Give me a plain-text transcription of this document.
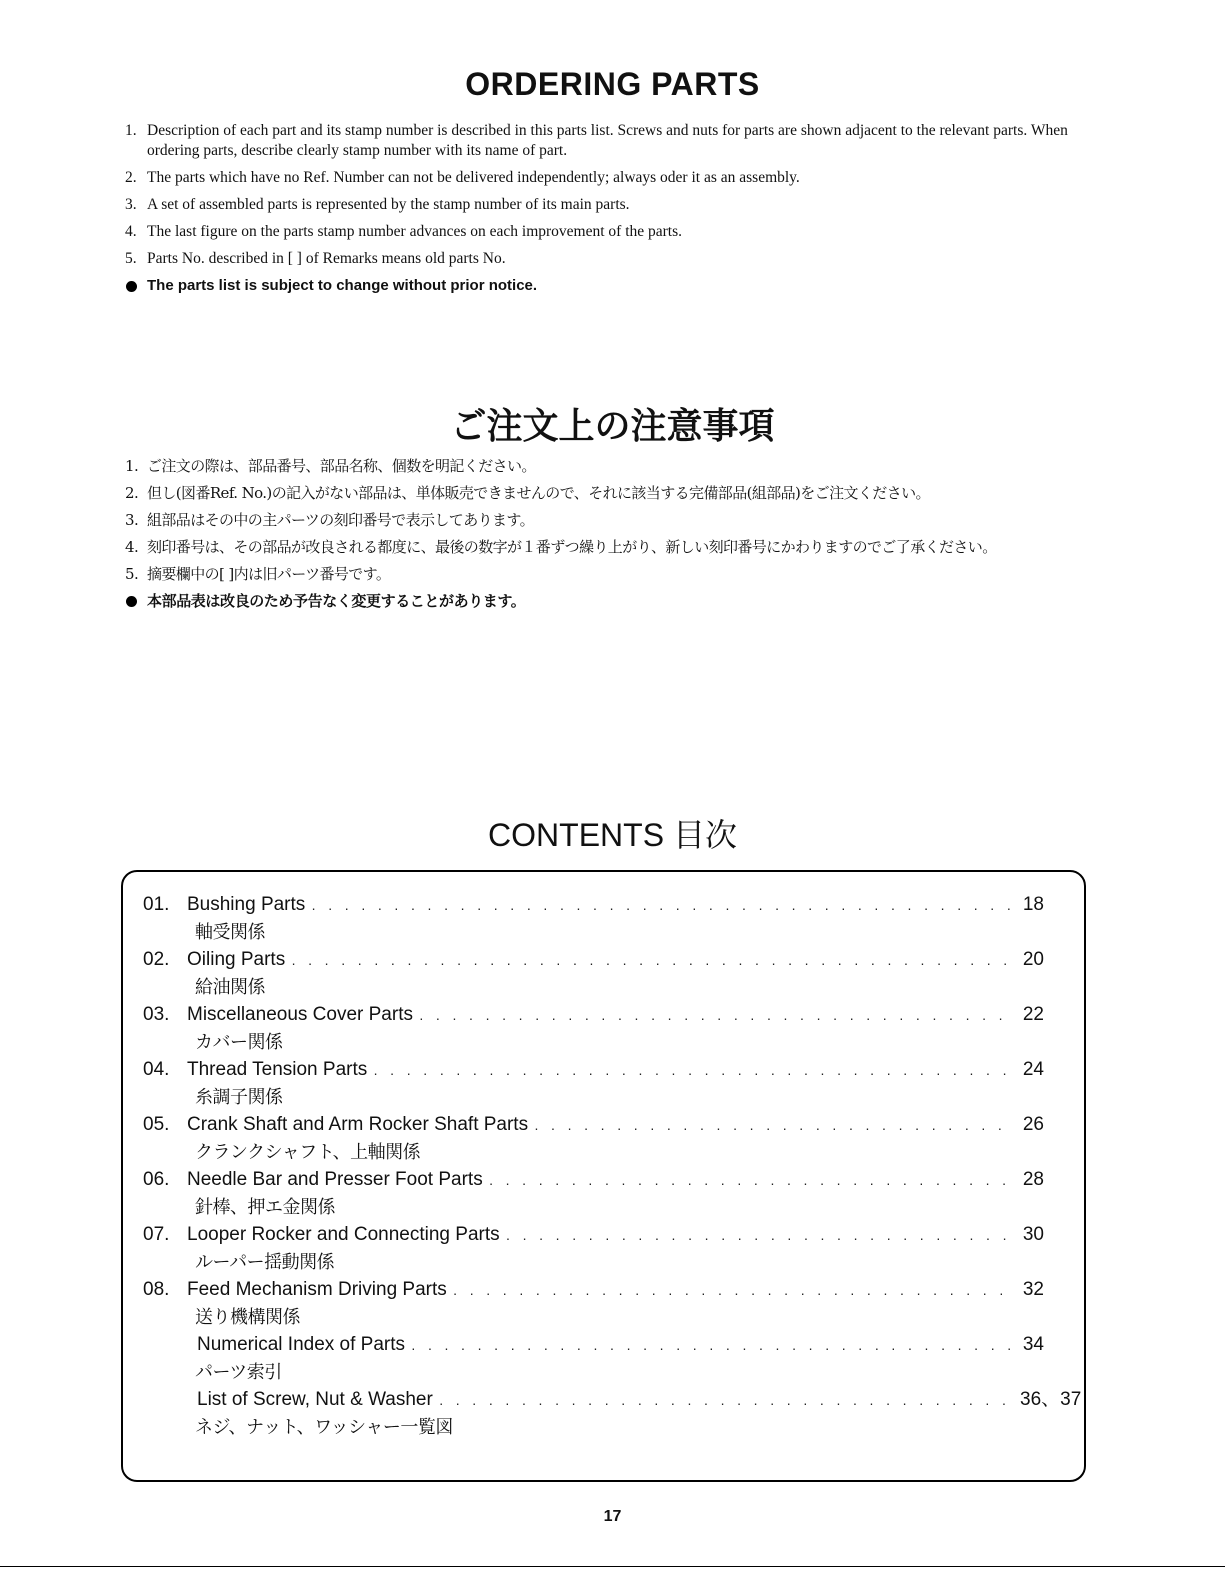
ORDERING PARTS
1. Description of each part and its stamp number is described in this parts list. Screws and nuts for parts are shown adjacent to the relevant parts. When ordering parts, describe clearly stamp number with its name of part.
2. The parts which have no Ref. Number can not be delivered independently; always oder it as an assembly.
3. A set of assembled parts is represented by the stamp number of its main parts.
4. The last figure on the parts stamp number advances on each improvement of the parts.
5. Parts No. described in [ ] of Remarks means old parts No.
The parts list is subject to change without prior notice.
ご注文上の注意事項
1. ご注文の際は、部品番号、部品名称、個数を明記ください。
2. 但し(図番Ref. No.)の記入がない部品は、単体販売できませんので、それに該当する完備部品(組部品)をご注文ください。
3. 組部品はその中の主パーツの刻印番号で表示してあります。
4. 刻印番号は、その部品が改良される都度に、最後の数字が１番ずつ繰り上がり、新しい刻印番号にかわりますのでご了承ください。
5. 摘要欄中の[ ]内は旧パーツ番号です。
本部品表は改良のため予告なく変更することがあります。
CONTENTS 目次
01. Bushing Parts · · ·	18
軸受関係
02. Oiling Parts · · ·	20
給油関係
03. Miscellaneous Cover Parts · · ·	22
カバー関係
04. Thread Tension Parts · · ·	24
糸調子関係
05. Crank Shaft and Arm Rocker Shaft Parts · · ·	26
クランクシャフト、上軸関係
06. Needle Bar and Presser Foot Parts · · ·	28
針棒、押エ金関係
07. Looper Rocker and Connecting Parts · · ·	30
ルーパー揺動関係
08. Feed Mechanism Driving Parts · · ·	32
送り機構関係
Numerical Index of Parts · · ·	34
パーツ索引
List of Screw, Nut & Washer · · ·	36、37
ネジ、ナット、ワッシャー一覧図
17
